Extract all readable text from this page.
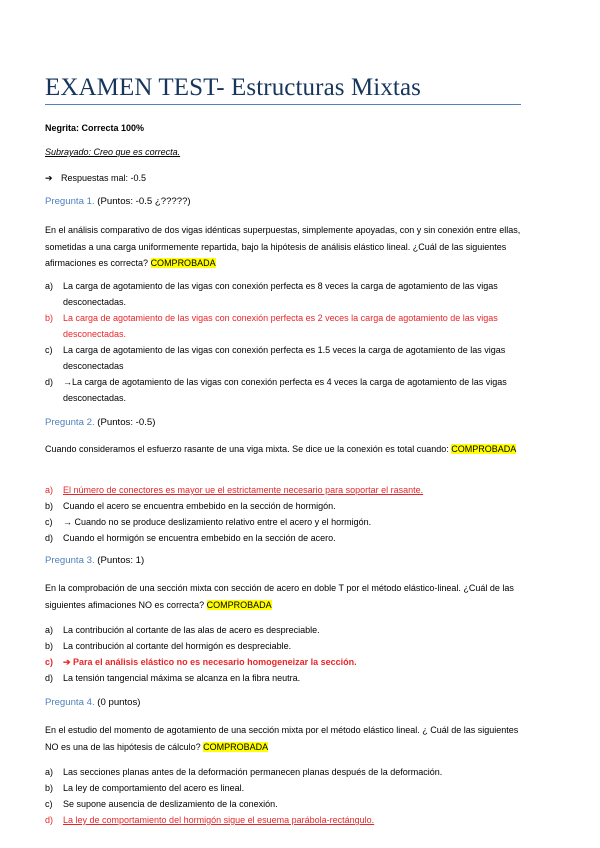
EXAMEN TEST- Estructuras Mixtas
Negrita: Correcta 100%
Subrayado: Creo que es correcta.
➔ Respuestas mal: -0.5
Pregunta 1. (Puntos: -0.5 ¿?????)
En el análisis comparativo de dos vigas idénticas superpuestas, simplemente apoyadas, con y sin conexión entre ellas, sometidas a una carga uniformemente repartida, bajo la hipótesis de análisis elástico lineal. ¿Cuál de las siguientes afirmaciones es correcta? COMPROBADA
a) La carga de agotamiento de las vigas con conexión perfecta es 8 veces la carga de agotamiento de las vigas desconectadas.
b) La carga de agotamiento de las vigas con conexión perfecta es 2 veces la carga de agotamiento de las vigas desconectadas.
c) La carga de agotamiento de las vigas con conexión perfecta es 1.5 veces la carga de agotamiento de las vigas desconectadas
d) →La carga de agotamiento de las vigas con conexión perfecta es 4 veces la carga de agotamiento de las vigas desconectadas.
Pregunta 2. (Puntos: -0.5)
Cuando consideramos el esfuerzo rasante de una viga mixta. Se dice ue la conexión es total cuando: COMPROBADA
a) El número de conectores es mayor ue el estrictamente necesario para soportar el rasante.
b) Cuando el acero se encuentra embebido en la sección de hormigón.
c) → Cuando no se produce deslizamiento relativo entre el acero y el hormigón.
d) Cuando el hormigón se encuentra embebido en la sección de acero.
Pregunta 3. (Puntos: 1)
En la comprobación de una sección mixta con sección de acero en doble T por el método elástico-lineal. ¿Cuál de las siguientes afimaciones NO es correcta? COMPROBADA
a) La contribución al cortante de las alas de acero es despreciable.
b) La contribución al cortante del hormigón es despreciable.
c) ➔ Para el análisis elástico no es necesario homogeneizar la sección.
d) La tensión tangencial máxima se alcanza en la fibra neutra.
Pregunta 4. (0 puntos)
En el estudio del momento de agotamiento de una sección mixta por el método elástico lineal. ¿ Cuál de las siguientes NO es una de las hipótesis de cálculo? COMPROBADA
a) Las secciones planas antes de la deformación permanecen planas después de la deformación.
b) La ley de comportamiento del acero es lineal.
c) Se supone ausencia de deslizamiento de la conexión.
d) La ley de comportamiento del hormigón sigue el esuema parábola-rectángulo.
